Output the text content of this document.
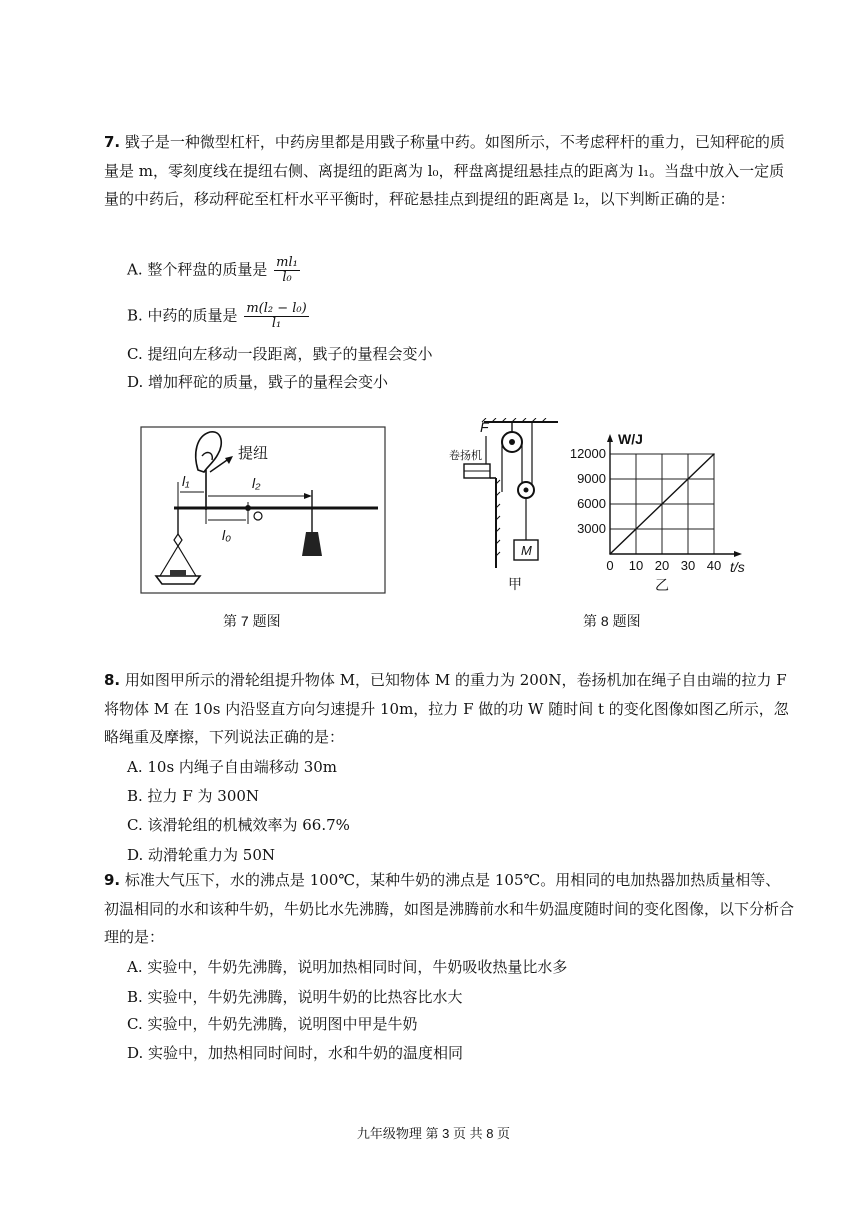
7. 戥子是一种微型杠杆，中药房里都是用戥子称量中药。如图所示，不考虑秤杆的重力，已知秤砣的质量是 m，零刻度线在提纽右侧、离提纽的距离为 l₀，秤盘离提纽悬挂点的距离为 l₁。当盘中放入一定质量的中药后，移动秤砣至杠杆水平平衡时，秤砣悬挂点到提纽的距离是 l₂，以下判断正确的是：
A. 整个秤盘的质量是 $\frac{\text{ml₁}}{\text{l₀}}$
B. 中药的质量是 $\frac{\text{m(l₂ − l₀)}}{\text{l₁}}$
C. 提纽向左移动一段距离，戥子的量程会变小
D. 增加秤砣的质量，戥子的量程会变小
提纽
l₁	l₂
l₀	O
第 7 题图
M
F
卷扬机
甲
W/J
t/s
0 10 20 30 40
3000
6000
9000
12000
乙
第 8 题图
8. 用如图甲所示的滑轮组提升物体 M，已知物体 M 的重力为 200N，卷扬机加在绳子自由端的拉力 F 将物体 M 在 10s 内沿竖直方向匀速提升 10m，拉力 F 做的功 W 随时间 t 的变化图像如图乙所示，忽略绳重及摩擦，下列说法正确的是：
A. 10s 内绳子自由端移动 30m
B. 拉力 F 为 300N
C. 该滑轮组的机械效率为 66.7%
D. 动滑轮重力为 50N
9. 标准大气压下，水的沸点是 100℃，某种牛奶的沸点是 105℃。用相同的电加热器加热质量相等、初温相同的水和该种牛奶，牛奶比水先沸腾，如图是沸腾前水和牛奶温度随时间的变化图像，以下分析合理的是：
A. 实验中，牛奶先沸腾，说明加热相同时间，牛奶吸收热量比水多
B. 实验中，牛奶先沸腾，说明牛奶的比热容比水大
C. 实验中，牛奶先沸腾，说明图中甲是牛奶
D. 实验中，加热相同时间时，水和牛奶的温度相同
九年级物理 第 3 页 共 8 页
